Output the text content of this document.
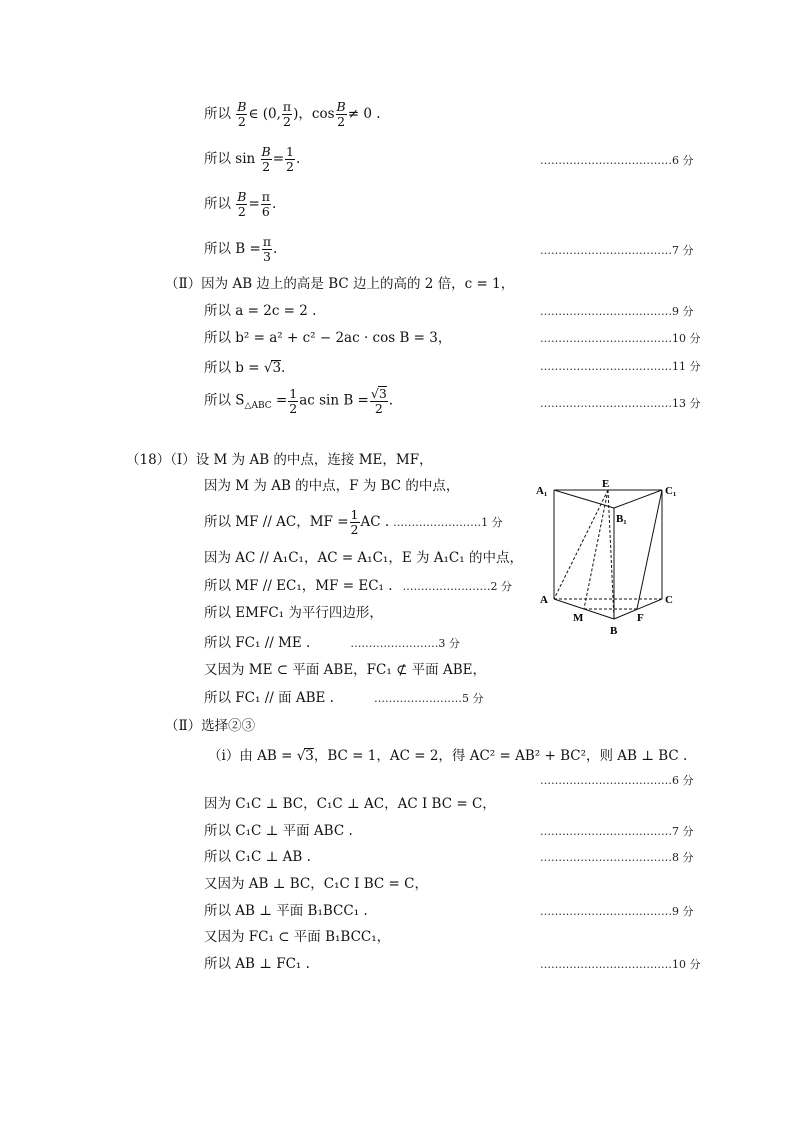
所以 $\frac{B}{2}$ ∈ (0, $\frac{\pi}{2}$ )，$\cos \frac{B}{2} \ne 0$ .
所以 $\sin \frac{B}{2} = \frac{1}{2}$ .	………………………………6 分
所以 $\frac{B}{2} = \frac{\pi}{6}$ .
所以 $B = \frac{\pi}{3}$ .	………………………………7 分
（Ⅱ）因为 AB 边上的高是 BC 边上的高的 2 倍，c = 1，
所以 a = 2c = 2 .	………………………………9 分
所以 b² = a² + c² − 2ac · cos B = 3，	………………………………10 分
所以 b = √3.	………………………………11 分
所以 $S_{\triangle ABC} = \frac{1}{2}$ ac $\sin B = \frac{√3}{2}$ .	………………………………13 分
（18）（Ⅰ）设 M 为 AB 的中点，连接 ME，MF，
因为 M 为 AB 的中点，F 为 BC 的中点，
所以 MF // AC，MF = $\frac{1}{2}$ AC . ……………………1 分
因为 AC // A₁C₁，AC = A₁C₁，E 为 A₁C₁ 的中点，
所以 MF // EC₁，MF = EC₁ . ……………………2 分
所以 EMFC₁ 为平行四边形，
所以 FC₁ // ME .	……………………3 分
又因为 ME ⊂ 平面 ABE，FC₁ ⊄ 平面 ABE，
所以 FC₁ // 面 ABE .	……………………5 分
A₁
E
C₁
B₁
A	C
M	F
B
（Ⅱ）选择②③
（ⅰ）由 AB = √3，BC = 1，AC = 2，得 AC² = AB² + BC²，则 AB ⊥ BC .
………………………………6 分
因为 C₁C ⊥ BC，C₁C ⊥ AC，AC I BC = C，
所以 C₁C ⊥ 平面 ABC .	………………………………7 分
所以 C₁C ⊥ AB .	………………………………8 分
又因为 AB ⊥ BC，C₁C I BC = C，
所以 AB ⊥ 平面 B₁BCC₁ .	………………………………9 分
又因为 FC₁ ⊂ 平面 B₁BCC₁，
所以 AB ⊥ FC₁ .	………………………………10 分
